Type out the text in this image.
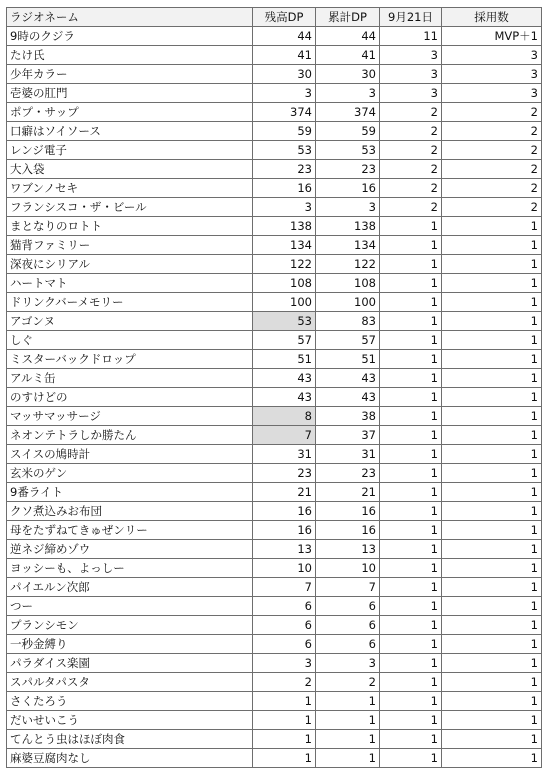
ラジオネーム	残高DP	累計DP	9月21日	採用数
9時のクジラ	44	44	11	MVP＋1
たけ氏	41	41	3	3
少年カラー	30	30	3	3
壱婆の肛門	3	3	3	3
ポプ・サップ	374	374	2	2
口癖はソイソース	59	59	2	2
レンジ電子	53	53	2	2
大入袋	23	23	2	2
ワブンノセキ	16	16	2	2
フランシスコ・ザ・ビール	3	3	2	2
まとなりのロトト	138	138	1	1
猫背ファミリー	134	134	1	1
深夜にシリアル	122	122	1	1
ハートマト	108	108	1	1
ドリンクバーメモリー	100	100	1	1
アゴンヌ	53	83	1	1
しぐ	57	57	1	1
ミスターバックドロップ	51	51	1	1
アルミ缶	43	43	1	1
のすけどの	43	43	1	1
マッサマッサージ	8	38	1	1
ネオンテトラしか勝たん	7	37	1	1
スイスの鳩時計	31	31	1	1
玄米のゲン	23	23	1	1
9番ライト	21	21	1	1
クソ煮込みお布団	16	16	1	1
母をたずねてきゅぜンリー	16	16	1	1
逆ネジ締めゾウ	13	13	1	1
ヨッシーも、よっしー	10	10	1	1
パイエルン次郎	7	7	1	1
つー	6	6	1	1
プランシモン	6	6	1	1
一秒金縛り	6	6	1	1
パラダイス楽園	3	3	1	1
スパルタパスタ	2	2	1	1
さくたろう	1	1	1	1
だいせいこう	1	1	1	1
てんとう虫はほぼ肉食	1	1	1	1
麻婆豆腐肉なし	1	1	1	1
